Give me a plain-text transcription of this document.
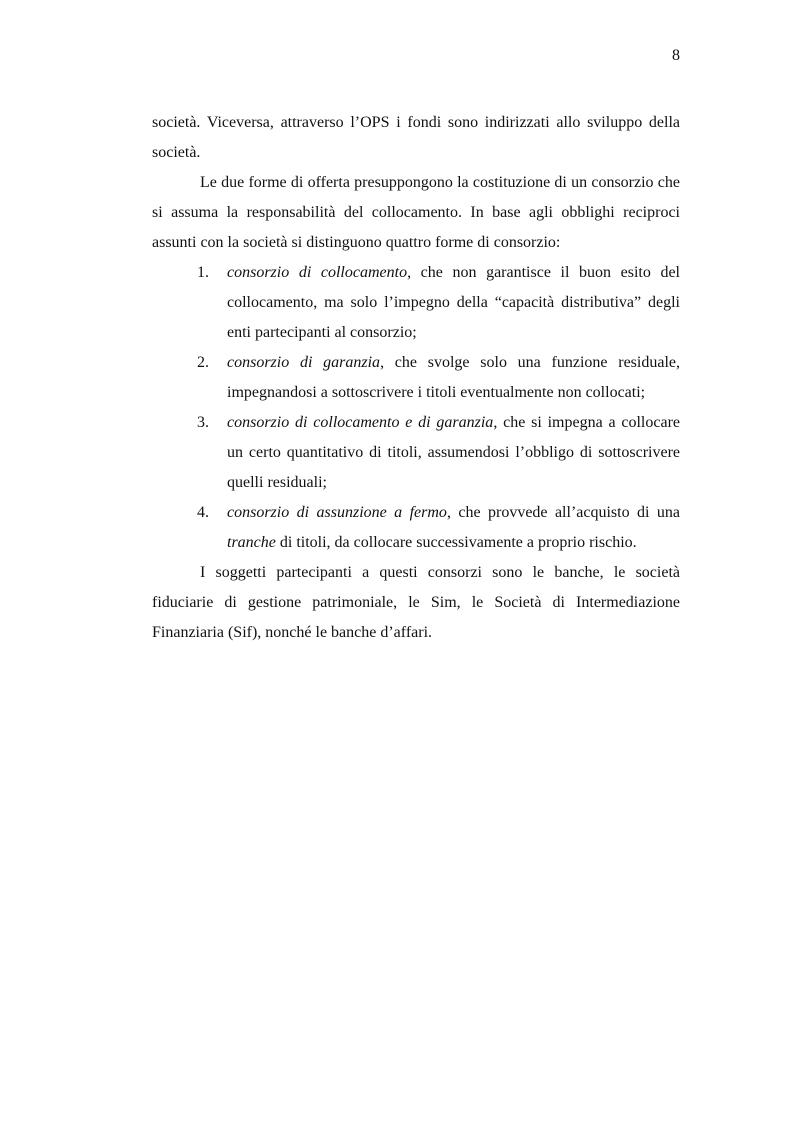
8

società. Viceversa, attraverso l’OPS i fondi sono indirizzati allo sviluppo della società.

Le due forme di offerta presuppongono la costituzione di un consorzio che si assuma la responsabilità del collocamento. In base agli obblighi reciproci assunti con la società si distinguono quattro forme di consorzio:

1. consorzio di collocamento, che non garantisce il buon esito del collocamento, ma solo l’impegno della “capacità distributiva” degli enti partecipanti al consorzio;
2. consorzio di garanzia, che svolge solo una funzione residuale, impegnandosi a sottoscrivere i titoli eventualmente non collocati;
3. consorzio di collocamento e di garanzia, che si impegna a collocare un certo quantitativo di titoli, assumendosi l’obbligo di sottoscrivere quelli residuali;
4. consorzio di assunzione a fermo, che provvede all’acquisto di una tranche di titoli, da collocare successivamente a proprio rischio.

I soggetti partecipanti a questi consorzi sono le banche, le società fiduciarie di gestione patrimoniale, le Sim, le Società di Intermediazione Finanziaria (Sif), nonché le banche d’affari.
